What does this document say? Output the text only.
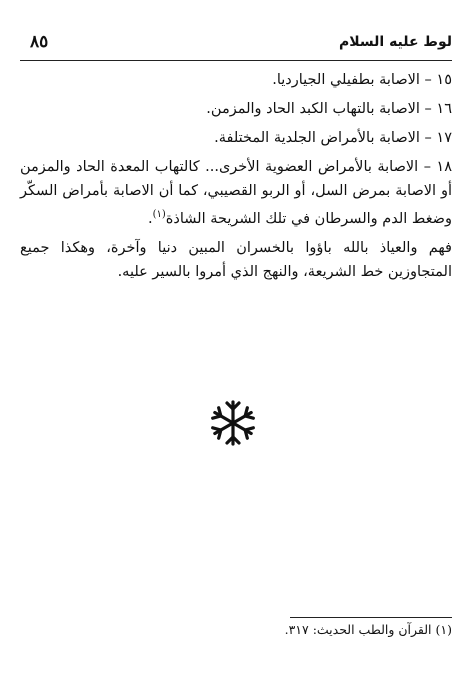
لوط عليه السلام
٨٥

١٥ – الاصابة بطفيلي الجيارديا.

١٦ – الاصابة بالتهاب الكبد الحاد والمزمن.

١٧ – الاصابة بالأمراض الجلدية المختلفة.

١٨ – الاصابة بالأمراض العضوية الأخرى... كالتهاب المعدة الحاد والمزمن أو الاصابة بمرض السل، أو الربو القصيبي، كما أن الاصابة بأمراض السكّر وضغط الدم والسرطان في تلك الشريحة الشاذة$^{(١)}$.

فهم والعياذ بالله باؤوا بالخسران المبين دنيا وآخرة، وهكذا جميع المتجاوزين خط الشريعة، والنهج الذي أمروا بالسير عليه.

(١) القرآن والطب الحديث: ٣١٧.
